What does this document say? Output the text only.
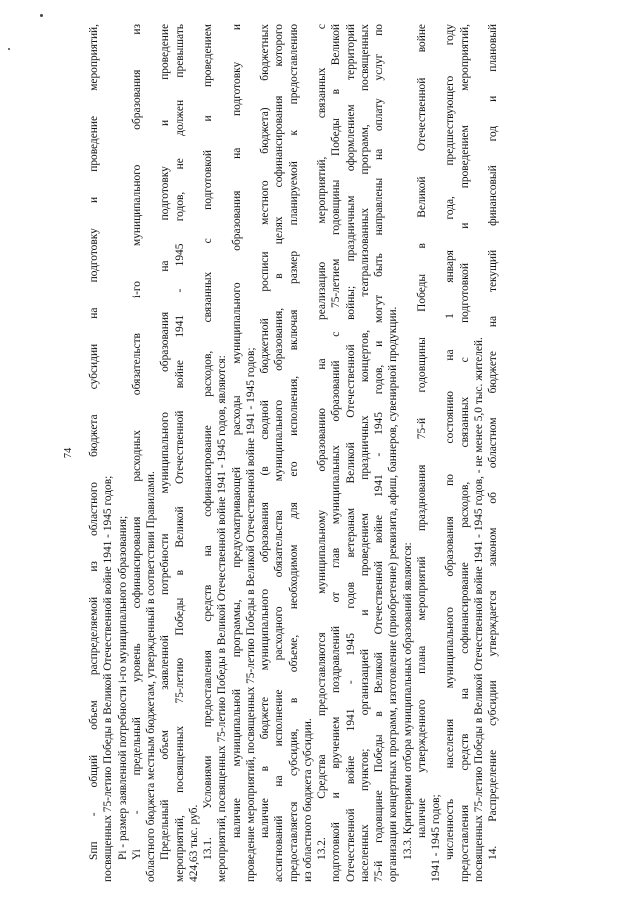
74 Sпп - общий объем распределяемой из областного бюджета субсидии на подготовку и проведение мероприятий, посвященных 75-летию Победы в Великой Отечественной войне 1941 - 1945 годов; Pi - размер заявленной потребности i-го муниципального образования; Yi - предельный уровень софинансирования расходных обязательств i-го муниципального образования из областного бюджета местным бюджетам, утвержденный в соответствии Правилами. Предельный объем заявленной потребности муниципального образования на подготовку и проведение мероприятий, посвященных 75-летию Победы в Великой Отечественной войне 1941 - 1945 годов, не должен превышать 424,63 тыс. руб. 13.1. Условиями предоставления средств на софинансирование расходов, связанных с подготовкой и проведением мероприятий, посвященных 75-летию Победы в Великой Отечественной войне 1941 - 1945 годов, являются: наличие муниципальной программы, предусматривающей расходы муниципального образования на подготовку и проведение мероприятий, посвященных 75-летию Победы в Великой Отечественной войне 1941 - 1945 годов; наличие в бюджете муниципального образования (в сводной бюджетной росписи местного бюджета) бюджетных ассигнований на исполнение расходного обязательства муниципального образования, в целях софинансирования которого предоставляется субсидия, в объеме, необходимом для его исполнения, включая размер планируемой к предоставлению из областного бюджета субсидии. 13.2. Средства предоставляются муниципальному образованию на реализацию мероприятий, связанных с подготовкой и вручением поздравлений от глав муниципальных образований с 75-летием годовщины Победы в Великой Отечественной войне 1941 - 1945 годов ветеранам Великой Отечественной войны; праздничным оформлением территорий населенных пунктов; организацией и проведением праздничных концертов, театрализованных программ, посвященных 75-й годовщине Победы в Великой Отечественной войне 1941 - 1945 годов, и могут быть направлены на оплату услуг по организации концертных программ, изготовление (приобретение) реквизита, афиш, баннеров, сувенирной продукции. 13.3. Критериями отбора муниципальных образований являются: наличие утвержденного плана мероприятий празднования 75-й годовщины Победы в Великой Отечественной войне
1941 - 1945 годов; численность населения муниципального образования по состоянию на 1 января года, предшествующего году предоставления средств на софинансирование расходов, связанных с подготовкой и проведением мероприятий, посвященных 75-летию Победы в Великой Отечественной войне 1941 - 1945 годов, - не менее 5,0 тыс. жителей. 14. Распределение субсидии утверждается законом об областном бюджете на текущий финансовый год и плановый
